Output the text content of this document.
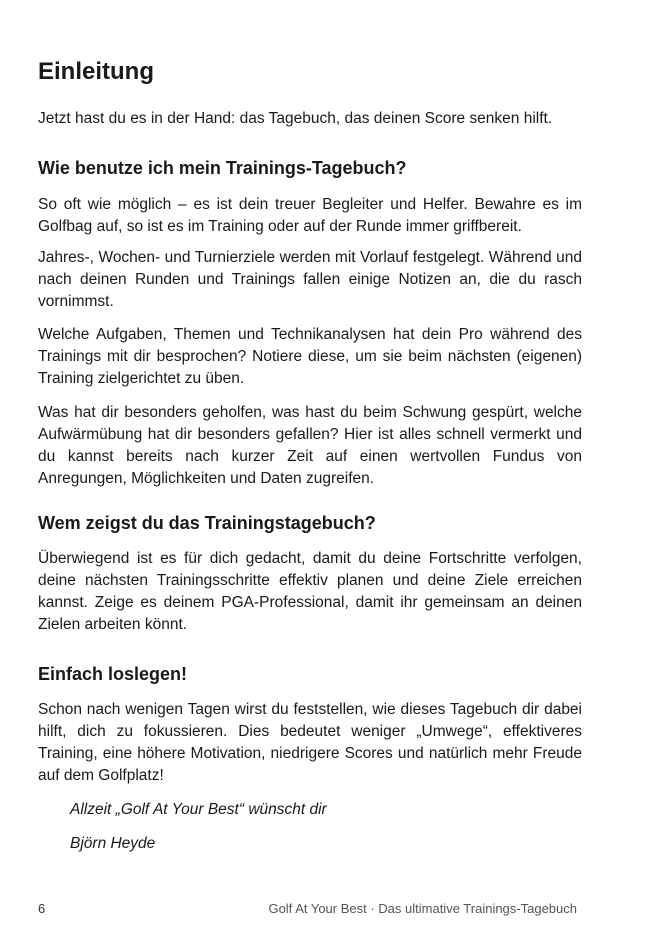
Einleitung

Jetzt hast du es in der Hand: das Tagebuch, das deinen Score senken hilft.

Wie benutze ich mein Trainings-Tagebuch?

So oft wie möglich – es ist dein treuer Begleiter und Helfer. Bewahre es im Golfbag auf, so ist es im Training oder auf der Runde immer griffbereit.

Jahres-, Wochen- und Turnierziele werden mit Vorlauf festgelegt. Während und nach deinen Runden und Trainings fallen einige Notizen an, die du rasch vornimmst.

Welche Aufgaben, Themen und Technikanalysen hat dein Pro während des Trainings mit dir besprochen? Notiere diese, um sie beim nächsten (eigenen) Training zielgerichtet zu üben.

Was hat dir besonders geholfen, was hast du beim Schwung gespürt, welche Aufwärmübung hat dir besonders gefallen? Hier ist alles schnell vermerkt und du kannst bereits nach kurzer Zeit auf einen wertvollen Fundus von Anregungen, Möglichkeiten und Daten zugreifen.

Wem zeigst du das Trainingstagebuch?

Überwiegend ist es für dich gedacht, damit du deine Fortschritte verfolgen, deine nächsten Trainingsschritte effektiv planen und deine Ziele erreichen kannst. Zeige es deinem PGA-Professional, damit ihr gemeinsam an deinen Zielen arbeiten könnt.

Einfach loslegen!

Schon nach wenigen Tagen wirst du feststellen, wie dieses Tagebuch dir dabei hilft, dich zu fokussieren. Dies bedeutet weniger „Umwege“, effektiveres Training, eine höhere Motivation, niedrigere Scores und natürlich mehr Freude auf dem Golfplatz!

Allzeit „Golf At Your Best“ wünscht dir

Björn Heyde

6	Golf At Your Best · Das ultimative Trainings-Tagebuch
